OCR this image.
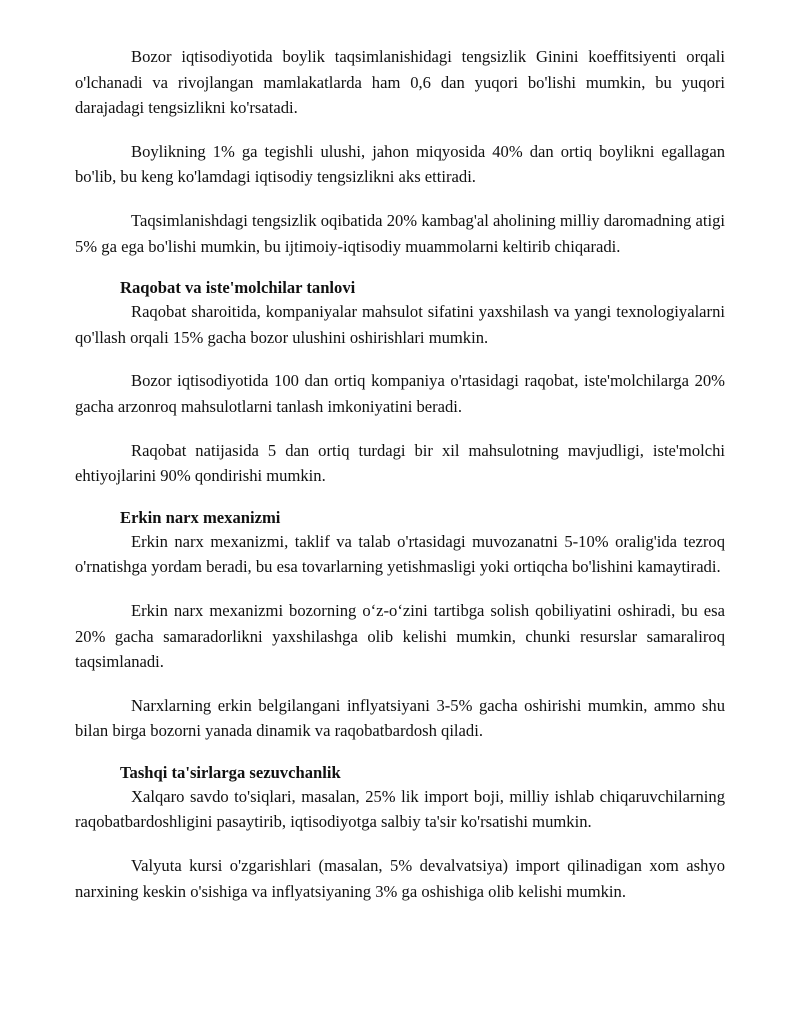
Bozor iqtisodiyotida boylik taqsimlanishidagi tengsizlik Ginini koeffitsiyenti orqali o'lchanadi va rivojlangan mamlakatlarda ham 0,6 dan yuqori bo'lishi mumkin, bu yuqori darajadagi tengsizlikni ko'rsatadi.

Boylikning 1% ga tegishli ulushi, jahon miqyosida 40% dan ortiq boylikni egallagan bo'lib, bu keng ko'lamdagi iqtisodiy tengsizlikni aks ettiradi.

Taqsimlanishdagi tengsizlik oqibatida 20% kambag'al aholining milliy daromadning atigi 5% ga ega bo'lishi mumkin, bu ijtimoiy-iqtisodiy muammolarni keltirib chiqaradi.

Raqobat va iste'molchilar tanlovi

Raqobat sharoitida, kompaniyalar mahsulot sifatini yaxshilash va yangi texnologiyalarni qo'llash orqali 15% gacha bozor ulushini oshirishlari mumkin.

Bozor iqtisodiyotida 100 dan ortiq kompaniya o'rtasidagi raqobat, iste'molchilarga 20% gacha arzonroq mahsulotlarni tanlash imkoniyatini beradi.

Raqobat natijasida 5 dan ortiq turdagi bir xil mahsulotning mavjudligi, iste'molchi ehtiyojlarini 90% qondirishi mumkin.

Erkin narx mexanizmi

Erkin narx mexanizmi, taklif va talab o'rtasidagi muvozanatni 5-10% oralig'ida tezroq o'rnatishga yordam beradi, bu esa tovarlarning yetishmasligi yoki ortiqcha bo'lishini kamaytiradi.

Erkin narx mexanizmi bozorning o‘z-o‘zini tartibga solish qobiliyatini oshiradi, bu esa 20% gacha samaradorlikni yaxshilashga olib kelishi mumkin, chunki resurslar samaraliroq taqsimlanadi.

Narxlarning erkin belgilangani inflyatsiyani 3-5% gacha oshirishi mumkin, ammo shu bilan birga bozorni yanada dinamik va raqobatbardosh qiladi.

Tashqi ta'sirlarga sezuvchanlik

Xalqaro savdo to'siqlari, masalan, 25% lik import boji, milliy ishlab chiqaruvchilarning raqobatbardoshligini pasaytirib, iqtisodiyotga salbiy ta'sir ko'rsatishi mumkin.

Valyuta kursi o'zgarishlari (masalan, 5% devalvatsiya) import qilinadigan xom ashyo narxining keskin o'sishiga va inflyatsiyaning 3% ga oshishiga olib kelishi mumkin.
